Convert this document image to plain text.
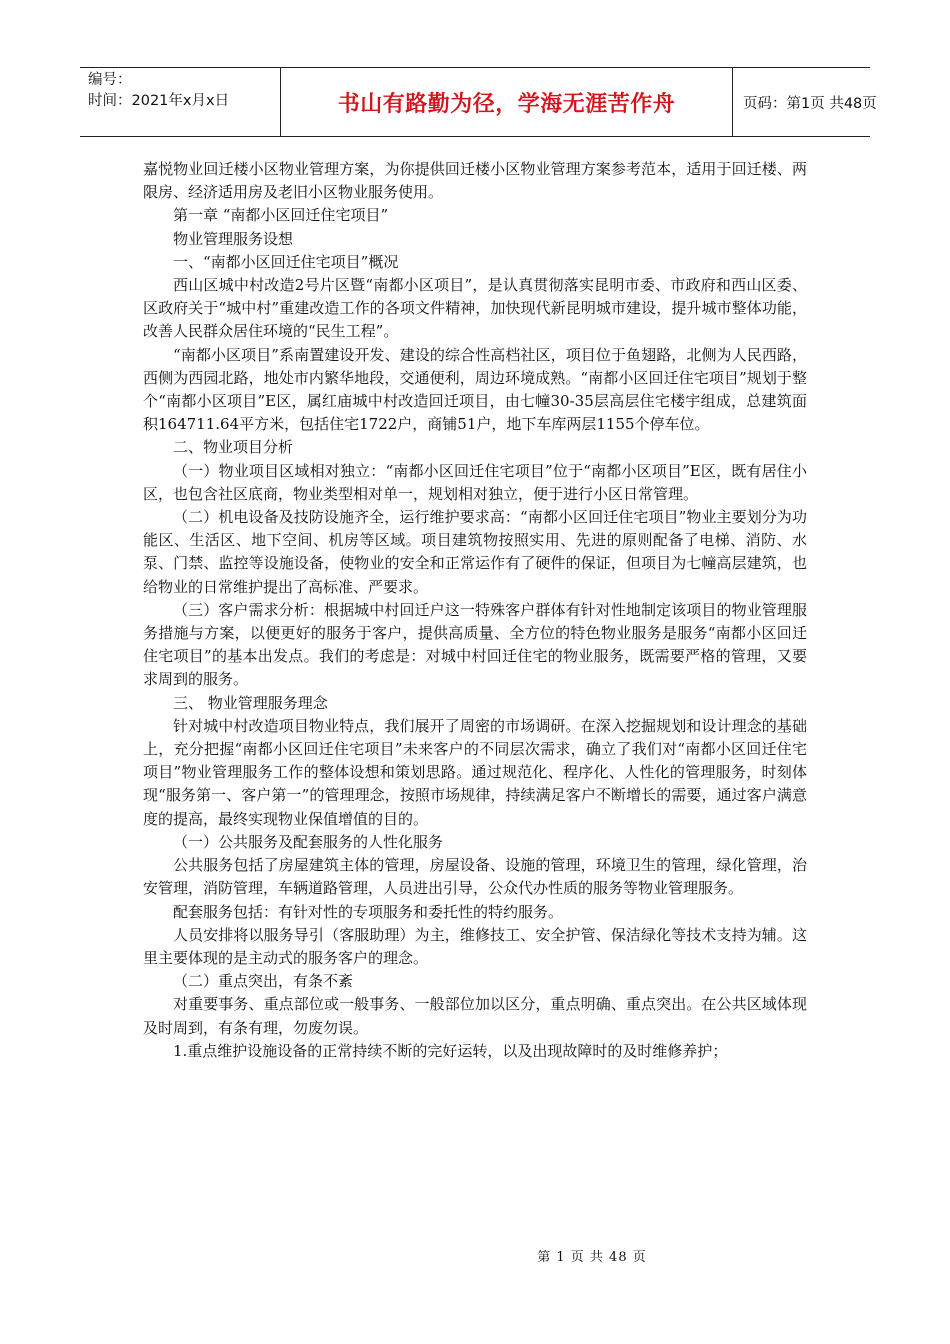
编号：
时间：2021年x月x日	书山有路勤为径，学海无涯苦作舟	页码：第1页 共48页

嘉悦物业回迁楼小区物业管理方案，为你提供回迁楼小区物业管理方案参考范本，适用于回迁楼、两限房、经济适用房及老旧小区物业服务使用。

第一章 “南都小区回迁住宅项目”

物业管理服务设想

一、“南都小区回迁住宅项目”概况

西山区城中村改造2号片区暨“南都小区项目”，是认真贯彻落实昆明市委、市政府和西山区委、区政府关于“城中村”重建改造工作的各项文件精神，加快现代新昆明城市建设，提升城市整体功能，改善人民群众居住环境的“民生工程”。

“南都小区项目”系南置建设开发、建设的综合性高档社区，项目位于鱼翅路，北侧为人民西路，西侧为西园北路，地处市内繁华地段，交通便利，周边环境成熟。“南都小区回迁住宅项目”规划于整个“南都小区项目”E区，属红庙城中村改造回迁项目，由七幢30-35层高层住宅楼宇组成，总建筑面积164711.64平方米，包括住宅1722户，商铺51户，地下车库两层1155个停车位。

二、物业项目分析

（一）物业项目区域相对独立：“南都小区回迁住宅项目”位于“南都小区项目”E区，既有居住小区，也包含社区底商，物业类型相对单一，规划相对独立，便于进行小区日常管理。

（二）机电设备及技防设施齐全，运行维护要求高：“南都小区回迁住宅项目”物业主要划分为功能区、生活区、地下空间、机房等区域。项目建筑物按照实用、先进的原则配备了电梯、消防、水泵、门禁、监控等设施设备，使物业的安全和正常运作有了硬件的保证，但项目为七幢高层建筑，也给物业的日常维护提出了高标准、严要求。

（三）客户需求分析：根据城中村回迁户这一特殊客户群体有针对性地制定该项目的物业管理服务措施与方案，以便更好的服务于客户，提供高质量、全方位的特色物业服务是服务“南都小区回迁住宅项目”的基本出发点。我们的考虑是：对城中村回迁住宅的物业服务，既需要严格的管理，又要求周到的服务。

三、 物业管理服务理念

针对城中村改造项目物业特点，我们展开了周密的市场调研。在深入挖掘规划和设计理念的基础上，充分把握“南都小区回迁住宅项目”未来客户的不同层次需求，确立了我们对“南都小区回迁住宅项目”物业管理服务工作的整体设想和策划思路。通过规范化、程序化、人性化的管理服务，时刻体现“服务第一、客户第一”的管理理念，按照市场规律，持续满足客户不断增长的需要，通过客户满意度的提高，最终实现物业保值增值的目的。

（一）公共服务及配套服务的人性化服务

公共服务包括了房屋建筑主体的管理，房屋设备、设施的管理，环境卫生的管理，绿化管理，治安管理，消防管理，车辆道路管理，人员进出引导，公众代办性质的服务等物业管理服务。

配套服务包括：有针对性的专项服务和委托性的特约服务。

人员安排将以服务导引（客服助理）为主，维修技工、安全护管、保洁绿化等技术支持为辅。这里主要体现的是主动式的服务客户的理念。

（二）重点突出，有条不紊

对重要事务、重点部位或一般事务、一般部位加以区分，重点明确、重点突出。在公共区域体现及时周到，有条有理，勿废勿误。

1.重点维护设施设备的正常持续不断的完好运转，以及出现故障时的及时维修养护；

第 1 页 共 48 页
